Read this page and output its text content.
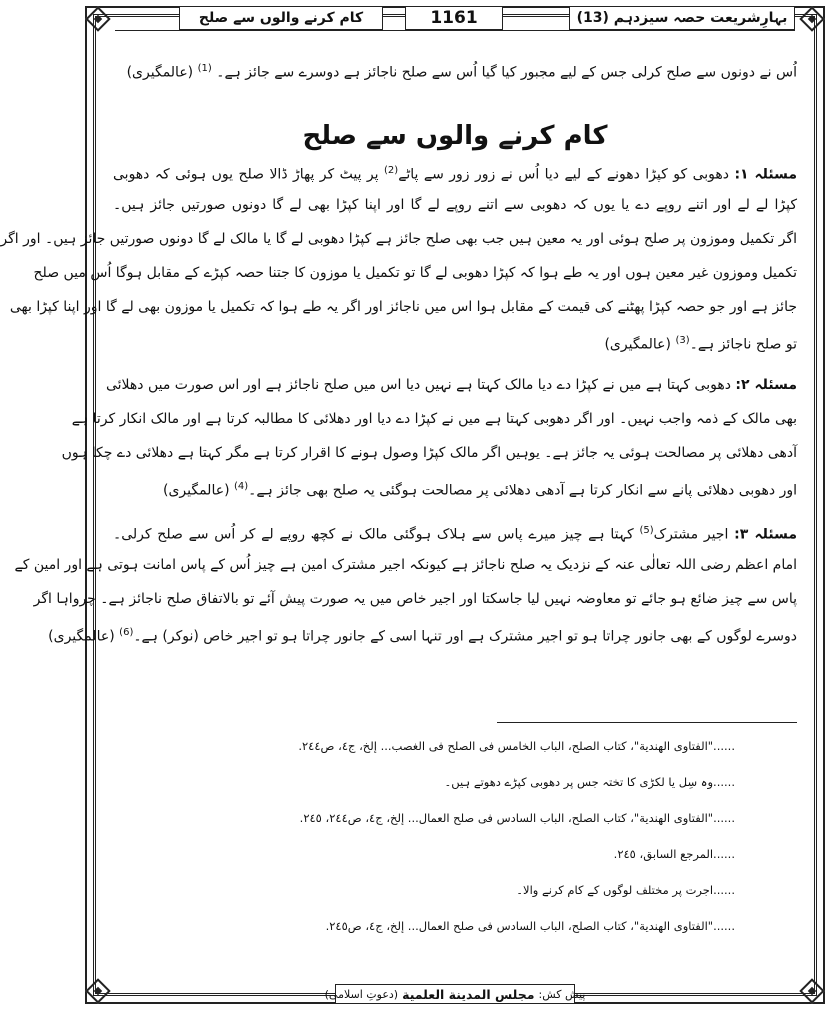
بہارِشریعت حصہ سیزدہم (13)
1161
کام کرنے والوں سے صلح
اُس نے دونوں سے صلح کرلی جس کے لیے مجبور کیا گیا اُس سے صلح ناجائز ہے دوسرے سے جائز ہے۔ $^{(1)}$ (عالمگیری)
کام کرنے والوں سے صلح
مسئلہ ۱: دھوبی کو کپڑا دھونے کے لیے دیا اُس نے زور زور سے پاٹے$^{(2)}$ پر پیٹ کر پھاڑ ڈالا صلح یوں ہوئی کہ دھوبی
کپڑا لے لے اور اتنے روپے دے یا یوں کہ دھوبی سے اتنے روپے لے گا اور اپنا کپڑا بھی لے گا دونوں صورتیں جائز ہیں۔
اگر تکمیل وموزون پر صلح ہوئی اور یہ معین ہیں جب بھی صلح جائز ہے کپڑا دھوبی لے گا یا مالک لے گا دونوں صورتیں جائز ہیں۔ اور اگر
تکمیل وموزون غیر معین ہوں اور یہ طے ہوا کہ کپڑا دھوبی لے گا تو تکمیل یا موزون کا جتنا حصہ کپڑے کے مقابل ہوگا اُس میں صلح
جائز ہے اور جو حصہ کپڑا پھٹنے کی قیمت کے مقابل ہوا اس میں ناجائز اور اگر یہ طے ہوا کہ تکمیل یا موزون بھی لے گا اور اپنا کپڑا بھی
تو صلح ناجائز ہے۔$^{(3)}$ (عالمگیری)
مسئلہ ۲: دھوبی کہتا ہے میں نے کپڑا دے دیا مالک کہتا ہے نہیں دیا اس میں صلح ناجائز ہے اور اس صورت میں دھلائی
بھی مالک کے ذمہ واجب نہیں۔ اور اگر دھوبی کہتا ہے میں نے کپڑا دے دیا اور دھلائی کا مطالبہ کرتا ہے اور مالک انکار کرتا ہے
آدھی دھلائی پر مصالحت ہوئی یہ جائز ہے۔ یوہیں اگر مالک کپڑا وصول ہونے کا اقرار کرتا ہے مگر کہتا ہے دھلائی دے چکا ہوں
اور دھوبی دھلائی پانے سے انکار کرتا ہے آدھی دھلائی پر مصالحت ہوگئی یہ صلح بھی جائز ہے۔$^{(4)}$ (عالمگیری)
مسئلہ ۳: اجیر مشترک$^{(5)}$ کہتا ہے چیز میرے پاس سے ہلاک ہوگئی مالک نے کچھ روپے لے کر اُس سے صلح کرلی۔
امام اعظم رضی اللہ تعالٰی عنہ کے نزدیک یہ صلح ناجائز ہے کیونکہ اجیر مشترک امین ہے چیز اُس کے پاس امانت ہوتی ہے اور امین کے
پاس سے چیز ضائع ہو جائے تو معاوضہ نہیں لیا جاسکتا اور اجیر خاص میں یہ صورت پیش آئے تو بالاتفاق صلح ناجائز ہے۔ چرواہا اگر
دوسرے لوگوں کے بھی جانور چراتا ہو تو اجیر مشترک ہے اور تنہا اسی کے جانور چراتا ہو تو اجیر خاص (نوکر) ہے۔$^{(6)}$ (عالمگیری)
......"الفتاوی الهندية"، كتاب الصلح، الباب الخامس فی الصلح فی الغصب... إلخ، ج٤، ص٢٤٤.
......وہ سِل یا لکڑی کا تختہ جس پر دھوبی کپڑے دھوتے ہیں۔
......"الفتاوی الهندية"، كتاب الصلح، الباب السادس فی صلح العمال... إلخ، ج٤، ص٢٤٤، ٢٤٥.
......المرجع السابق، ٢٤٥.
......اجرت پر مختلف لوگوں کے کام کرنے والا۔
......"الفتاوی الهندية"، كتاب الصلح، الباب السادس فی صلح العمال... إلخ، ج٤، ص٢٤٥.
پیش کش:
مجلس المدينة العلمية
(دعوتِ اسلامی)
